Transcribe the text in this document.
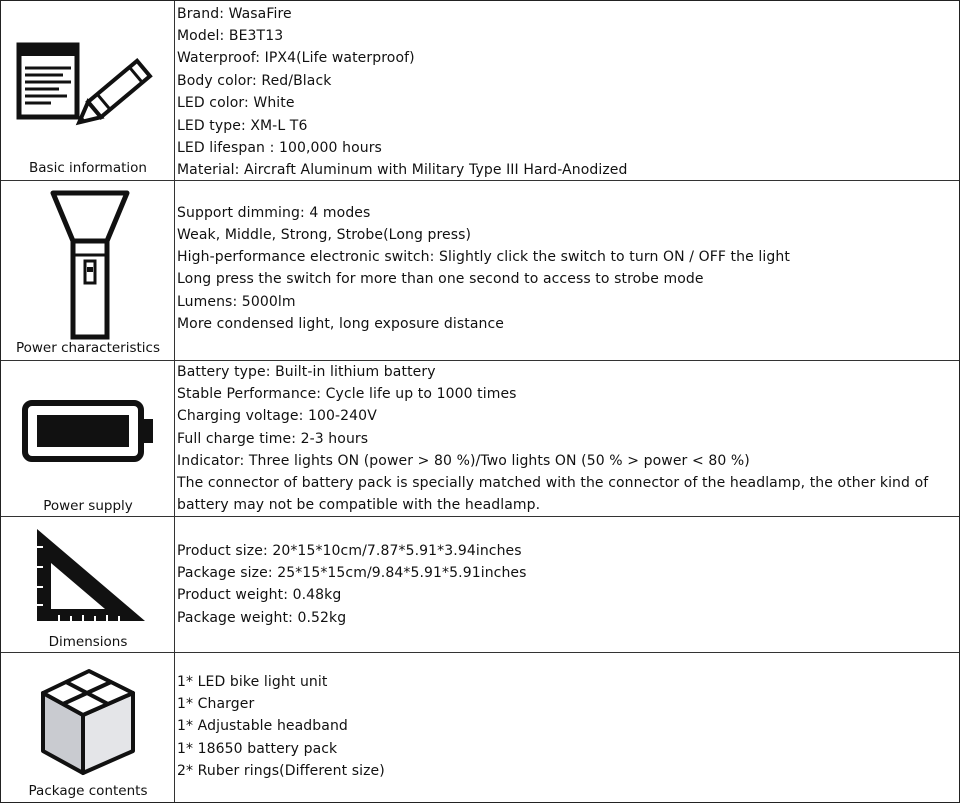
Basic information
Brand: WasaFire
Model: BE3T13
Waterproof: IPX4(Life waterproof)
Body color: Red/Black
LED color: White
LED type: XM-L T6
LED lifespan : 100,000 hours
Material: Aircraft Aluminum with Military Type III Hard-Anodized
Power characteristics
Support dimming: 4 modes
Weak, Middle, Strong, Strobe(Long press)
High-performance electronic switch: Slightly click the switch to turn ON / OFF the light
Long press the switch for more than one second to access to strobe mode
Lumens: 5000lm
More condensed light, long exposure distance
Power supply
Battery type: Built-in lithium battery
Stable Performance: Cycle life up to 1000 times
Charging voltage: 100-240V
Full charge time: 2-3 hours
Indicator: Three lights ON (power > 80 %)/Two lights ON (50 % > power < 80 %)
The connector of battery pack is specially matched with the connector of the headlamp, the other kind of
battery may not be compatible with the headlamp.
Dimensions
Product size: 20*15*10cm/7.87*5.91*3.94inches
Package size: 25*15*15cm/9.84*5.91*5.91inches
Product weight: 0.48kg
Package weight: 0.52kg
Package contents
1* LED bike light unit
1* Charger
1* Adjustable headband
1* 18650 battery pack
2* Ruber rings(Different size)
